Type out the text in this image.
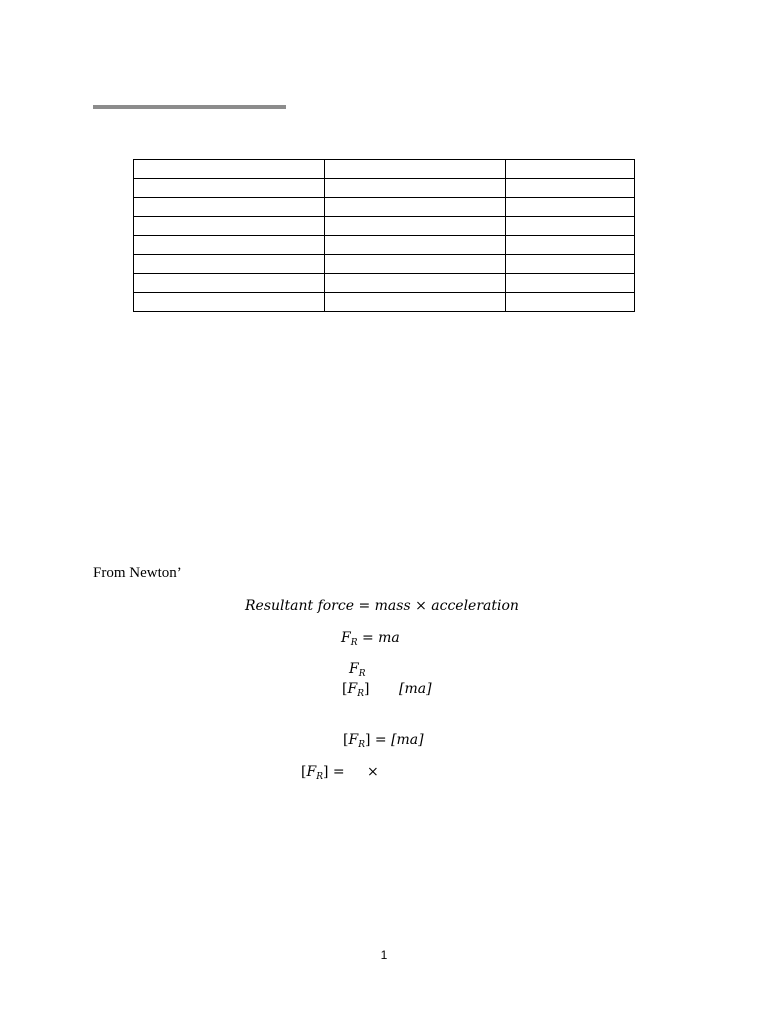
From Newton’
Resultant force = mass × acceleration
$F_R$ = ma
$F_R$
$[F_R]$ [ma]
$[F_R] = [ma]$
$[F_R]$ = ×
1
